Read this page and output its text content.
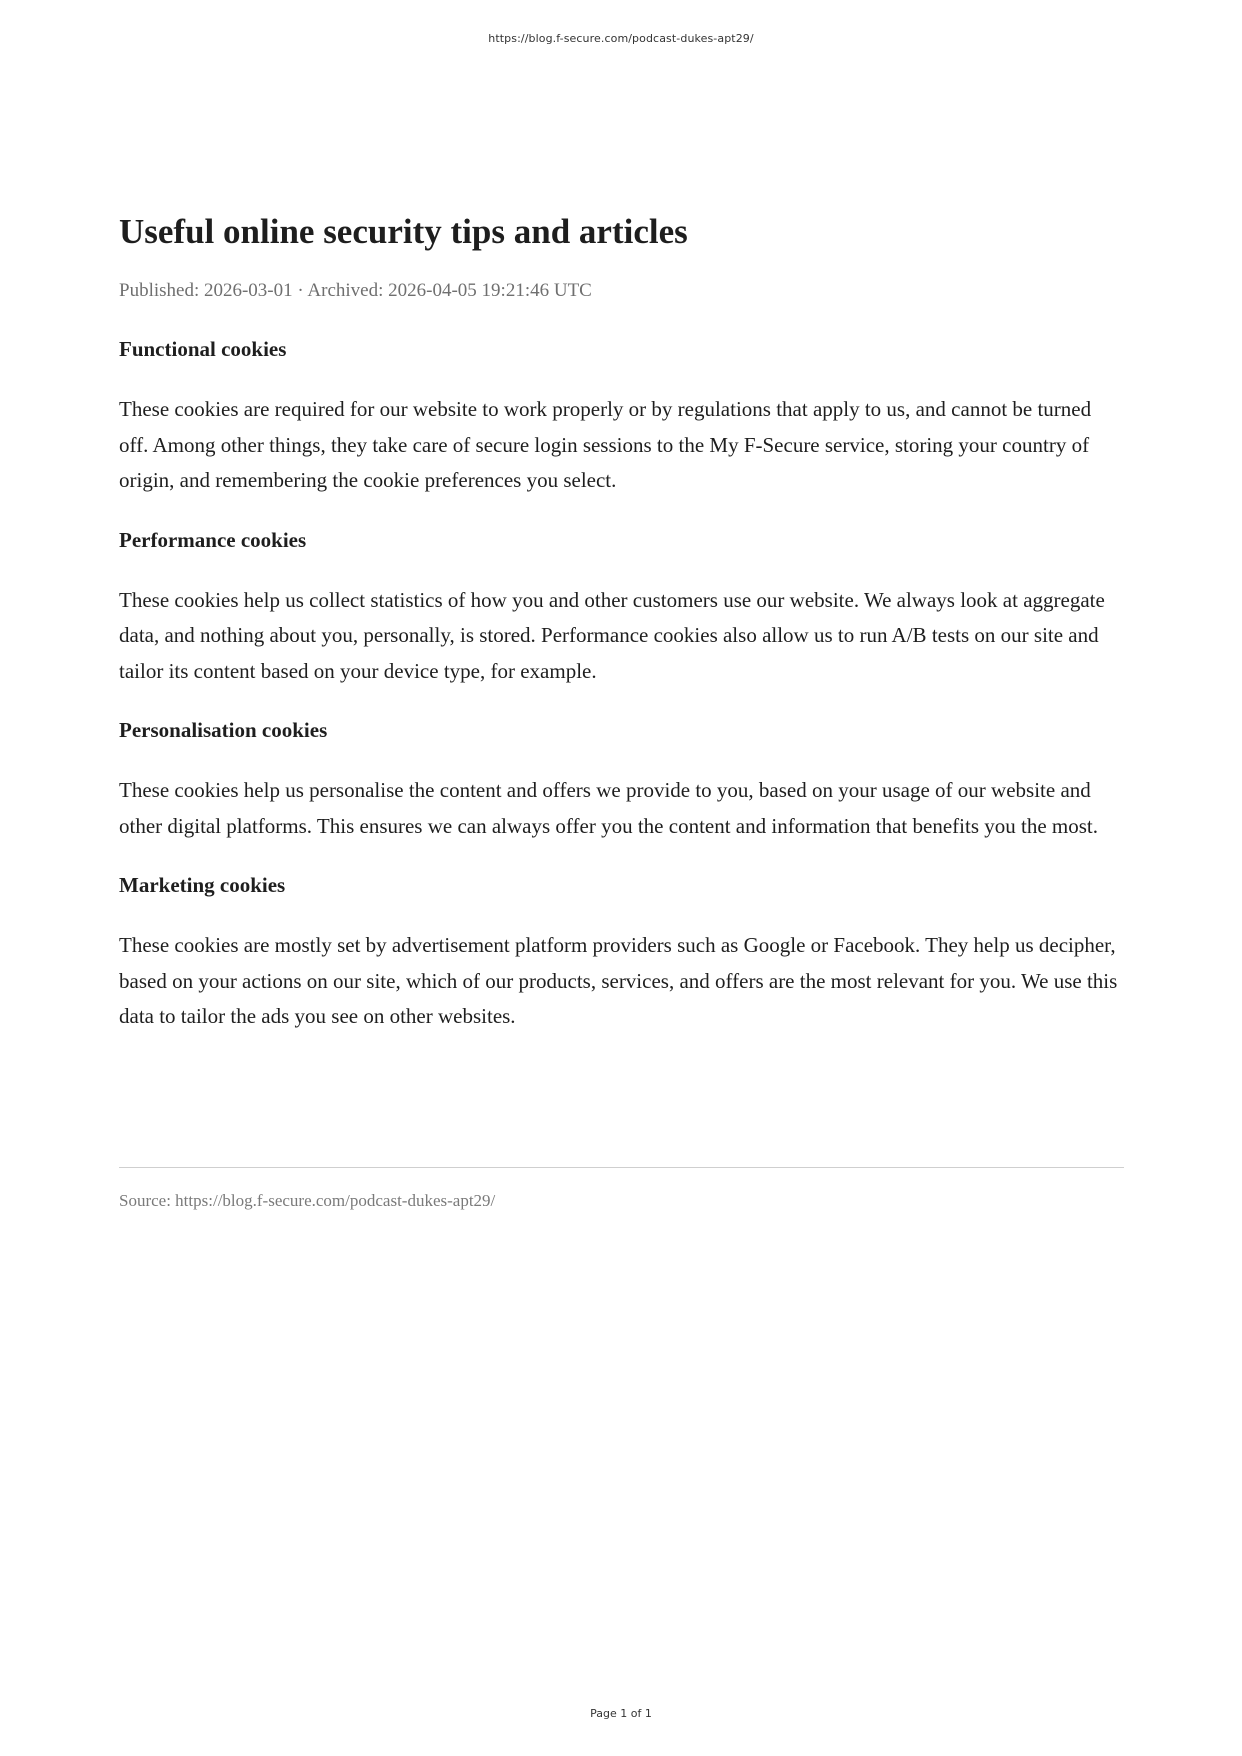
https://blog.f-secure.com/podcast-dukes-apt29/
Useful online security tips and articles
Published: 2026-03-01 · Archived: 2026-04-05 19:21:46 UTC
Functional cookies

These cookies are required for our website to work properly or by regulations that apply to us, and cannot be turned off. Among other things, they take care of secure login sessions to the My F-Secure service, storing your country of origin, and remembering the cookie preferences you select.

Performance cookies

These cookies help us collect statistics of how you and other customers use our website. We always look at aggregate data, and nothing about you, personally, is stored. Performance cookies also allow us to run A/B tests on our site and tailor its content based on your device type, for example.

Personalisation cookies

These cookies help us personalise the content and offers we provide to you, based on your usage of our website and other digital platforms. This ensures we can always offer you the content and information that benefits you the most.

Marketing cookies

These cookies are mostly set by advertisement platform providers such as Google or Facebook. They help us decipher, based on your actions on our site, which of our products, services, and offers are the most relevant for you. We use this data to tailor the ads you see on other websites.

Source: https://blog.f-secure.com/podcast-dukes-apt29/
Page 1 of 1
